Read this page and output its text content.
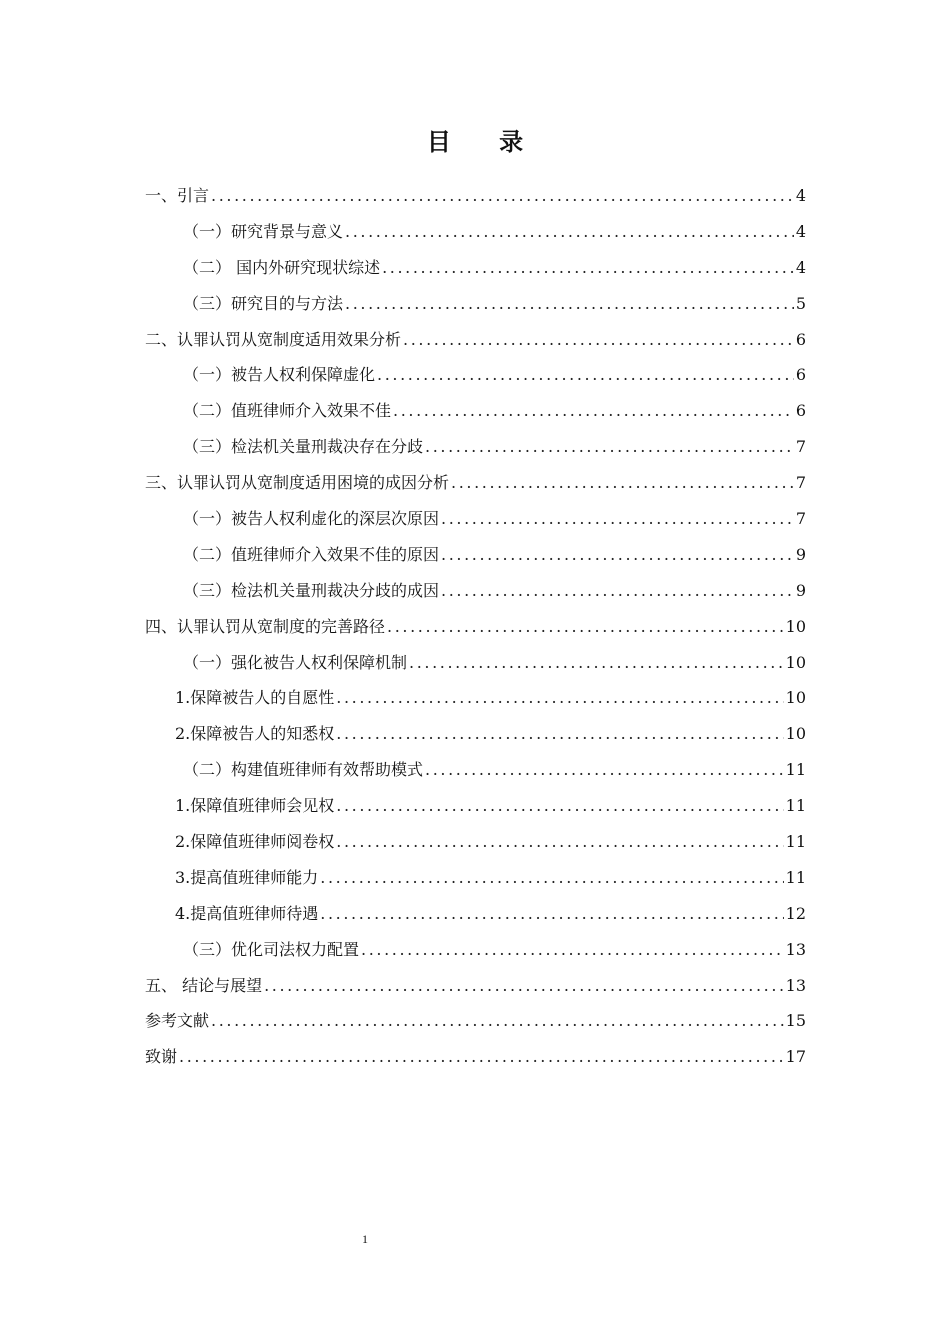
目 录
一、引言 .....	4
（一）研究背景与意义 .....	4
（二） 国内外研究现状综述 .....	4
（三）研究目的与方法 .....	5
二、认罪认罚从宽制度适用效果分析 .....	6
（一）被告人权利保障虚化 .....	6
（二）值班律师介入效果不佳 .....	6
（三）检法机关量刑裁决存在分歧 .....	7
三、认罪认罚从宽制度适用困境的成因分析 .....	7
（一）被告人权利虚化的深层次原因 .....	7
（二）值班律师介入效果不佳的原因 .....	9
（三）检法机关量刑裁决分歧的成因 .....	9
四、认罪认罚从宽制度的完善路径 .....	10
（一）强化被告人权利保障机制 .....	10
1.保障被告人的自愿性 .....	10
2.保障被告人的知悉权 .....	10
（二）构建值班律师有效帮助模式 .....	11
1.保障值班律师会见权 .....	11
2.保障值班律师阅卷权 .....	11
3.提高值班律师能力 .....	11
4.提高值班律师待遇 .....	12
（三）优化司法权力配置 .....	13
五、 结论与展望 .....	13
参考文献 .....	15
致谢 .....	17
1
